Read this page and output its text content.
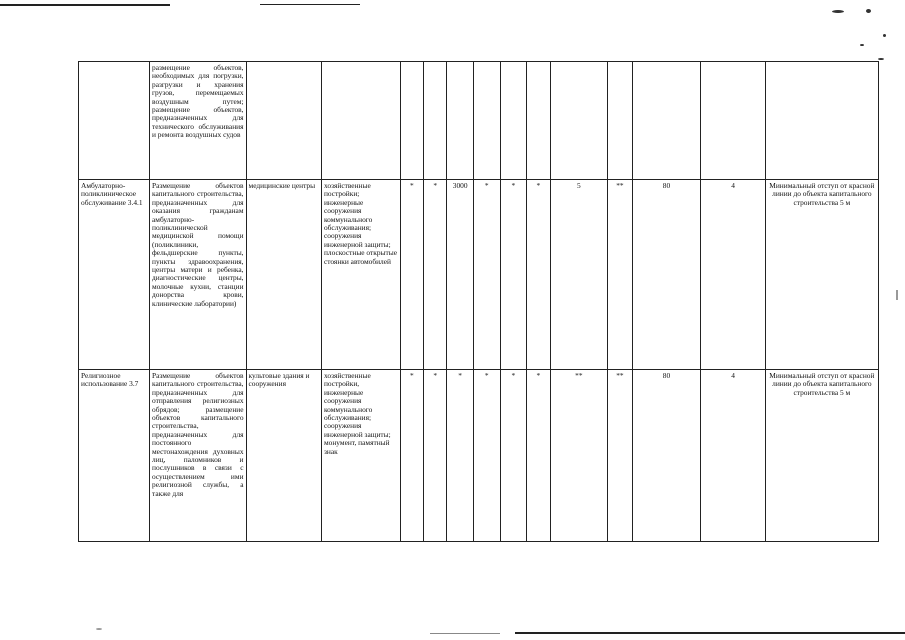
	размещение объектов, необходимых для погрузки, разгрузки и хранения грузов, перемещаемых воздушным путем; размещение объектов, предназначенных для технического обслуживания и ремонта воздушных судов													
Амбулаторно-поликлиническое обслуживание 3.4.1	Размещение объектов капитального строительства, предназначенных для оказания гражданам амбулаторно-поликлинической медицинской помощи (поликлиники, фельдшерские пункты, пункты здравоохранения, центры матери и ребенка, диагностические центры, молочные кухни, станции донорства крови, клинические лаборатории)	медицинские центры	хозяйственные постройки; инженерные сооружения коммунального обслуживания; сооружения инженерной защиты; плоскостные открытые стоянки автомобилей	*	*	3000	*	*	*	5	**	80	4	Минимальный отступ от красной линии до объекта капитального строительства 5 м
Религиозное использование 3.7	Размещение объектов капитального строительства, предназначенных для отправления религиозных обрядов; размещение объектов капитального строительства, предназначенных для постоянного местонахождения духовных лиц, паломников и послушников в связи с осуществлением ими религиозной службы, а также для	культовые здания и сооружения	хозяйственные постройки, инженерные сооружения коммунального обслуживания; сооружения инженерной защиты; монумент, памятный знак	*	*	*	*	*	*	**	**	80	4	Минимальный отступ от красной линии до объекта капитального строительства 5 м
